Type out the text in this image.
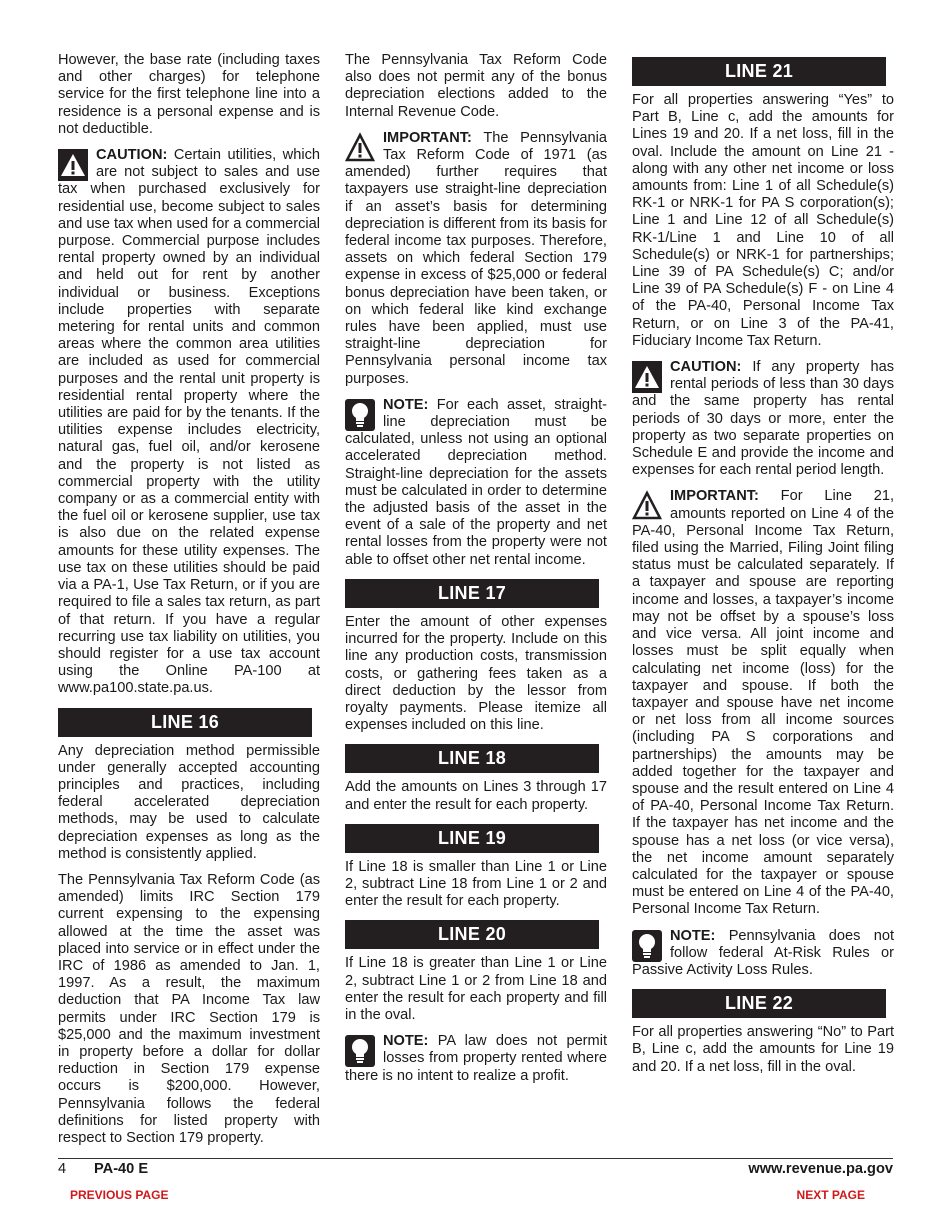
However, the base rate (including taxes and other charges) for telephone service for the first telephone line into a residence is a personal expense and is not deductible.

CAUTION: Certain utilities, which are not subject to sales and use tax when purchased exclusively for residential use, become subject to sales and use tax when used for a commercial purpose. Commercial purpose includes rental property owned by an individual and held out for rent by another individual or business. Exceptions include properties with separate metering for rental units and common areas where the common area utilities are included as used for commercial purposes and the rental unit property is residential rental property where the utilities are paid for by the tenants. If the utilities expense includes electricity, natural gas, fuel oil, and/or kerosene and the property is not listed as commercial property with the utility company or as a commercial entity with the fuel oil or kerosene supplier, use tax is also due on the related expense amounts for these utility expenses. The use tax on these utilities should be paid via a PA-1, Use Tax Return, or if you are required to file a sales tax return, as part of that return. If you have a regular recurring use tax liability on utilities, you should register for a use tax account using the Online PA-100 at www.pa100.state.pa.us.

LINE 16

Any depreciation method permissible under generally accepted accounting principles and practices, including federal accelerated depreciation methods, may be used to calculate depreciation expenses as long as the method is consistently applied.

The Pennsylvania Tax Reform Code (as amended) limits IRC Section 179 current expensing to the expensing allowed at the time the asset was placed into service or in effect under the IRC of 1986 as amended to Jan. 1, 1997. As a result, the maximum deduction that PA Income Tax law permits under IRC Section 179 is $25,000 and the maximum investment in property before a dollar for dollar reduction in Section 179 expense occurs is $200,000. However, Pennsylvania follows the federal definitions for listed property with respect to Section 179 property.

The Pennsylvania Tax Reform Code also does not permit any of the bonus depreciation elections added to the Internal Revenue Code.

IMPORTANT: The Pennsylvania Tax Reform Code of 1971 (as amended) further requires that taxpayers use straight-line depreciation if an asset’s basis for determining depreciation is different from its basis for federal income tax purposes. Therefore, assets on which federal Section 179 expense in excess of $25,000 or federal bonus depreciation have been taken, or on which federal like kind exchange rules have been applied, must use straight-line depreciation for Pennsylvania personal income tax purposes.

NOTE: For each asset, straight-line depreciation must be calculated, unless not using an optional accelerated depreciation method. Straight-line depreciation for the assets must be calculated in order to determine the adjusted basis of the asset in the event of a sale of the property and net rental losses from the property were not able to offset other net rental income.

LINE 17

Enter the amount of other expenses incurred for the property. Include on this line any production costs, transmission costs, or gathering fees taken as a direct deduction by the lessor from royalty payments. Please itemize all expenses included on this line.

LINE 18

Add the amounts on Lines 3 through 17 and enter the result for each property.

LINE 19

If Line 18 is smaller than Line 1 or Line 2, subtract Line 18 from Line 1 or 2 and enter the result for each property.

LINE 20

If Line 18 is greater than Line 1 or Line 2, subtract Line 1 or 2 from Line 18 and enter the result for each property and fill in the oval.

NOTE: PA law does not permit losses from property rented where there is no intent to realize a profit.

LINE 21

For all properties answering “Yes” to Part B, Line c, add the amounts for Lines 19 and 20. If a net loss, fill in the oval. Include the amount on Line 21 - along with any other net income or loss amounts from: Line 1 of all Schedule(s) RK-1 or NRK-1 for PA S corporation(s); Line 1 and Line 12 of all Schedule(s) RK-1/Line 1 and Line 10 of all Schedule(s) or NRK-1 for partnerships; Line 39 of PA Schedule(s) C; and/or Line 39 of PA Schedule(s) F - on Line 4 of the PA-40, Personal Income Tax Return, or on Line 3 of the PA-41, Fiduciary Income Tax Return.

CAUTION: If any property has rental periods of less than 30 days and the same property has rental periods of 30 days or more, enter the property as two separate properties on Schedule E and provide the income and expenses for each rental period length.

IMPORTANT: For Line 21, amounts reported on Line 4 of the PA-40, Personal Income Tax Return, filed using the Married, Filing Joint filing status must be calculated separately. If a taxpayer and spouse are reporting income and losses, a taxpayer’s income may not be offset by a spouse’s loss and vice versa. All joint income and losses must be split equally when calculating net income (loss) for the taxpayer and spouse. If both the taxpayer and spouse have net income or net loss from all income sources (including PA S corporations and partnerships) the amounts may be added together for the taxpayer and spouse and the result entered on Line 4 of PA-40, Personal Income Tax Return. If the taxpayer has net income and the spouse has a net loss (or vice versa), the net income amount separately calculated for the taxpayer or spouse must be entered on Line 4 of the PA-40, Personal Income Tax Return.

NOTE: Pennsylvania does not follow federal At-Risk Rules or Passive Activity Loss Rules.

LINE 22

For all properties answering “No” to Part B, Line c, add the amounts for Line 19 and 20. If a net loss, fill in the oval.

4 PA-40 E	www.revenue.pa.gov
PREVIOUS PAGE	NEXT PAGE
